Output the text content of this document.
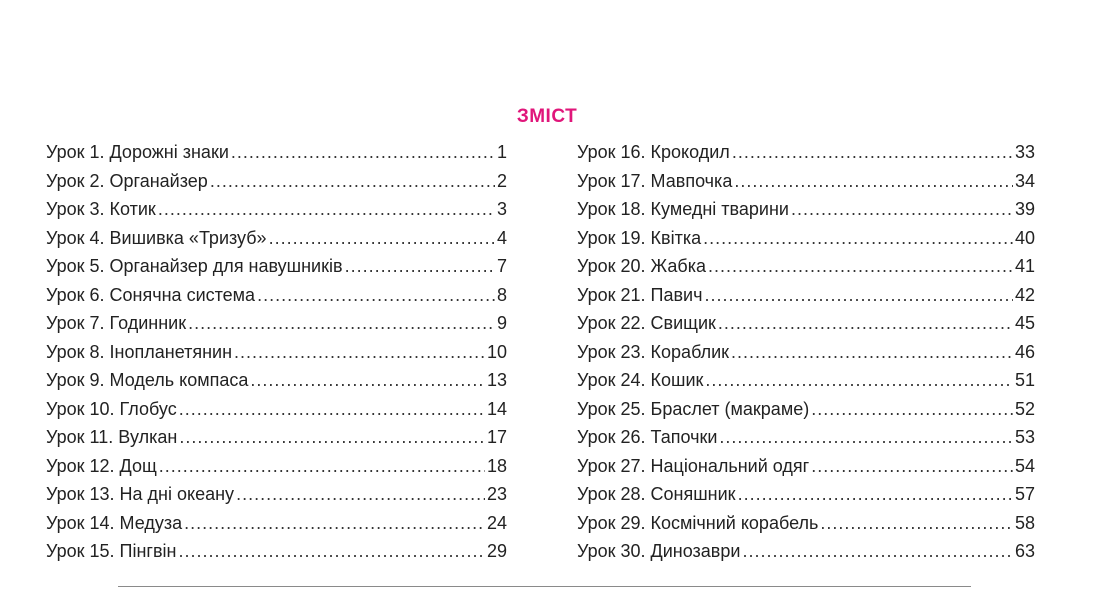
ЗМІСТ
Урок 1. Дорожні знаки .....	1
Урок 2. Органайзер .....	2
Урок 3. Котик .....	3
Урок 4. Вишивка «Тризуб» .....	4
Урок 5. Органайзер для навушників .....	7
Урок 6. Сонячна система .....	8
Урок 7. Годинник .....	9
Урок 8. Інопланетянин .....	10
Урок 9. Модель компаса .....	13
Урок 10. Глобус .....	14
Урок 11. Вулкан .....	17
Урок 12. Дощ .....	18
Урок 13. На дні океану .....	23
Урок 14. Медуза .....	24
Урок 15. Пінгвін .....	29
Урок 16. Крокодил .....	33
Урок 17. Мавпочка .....	34
Урок 18. Кумедні тварини .....	39
Урок 19. Квітка .....	40
Урок 20. Жабка .....	41
Урок 21. Павич .....	42
Урок 22. Свищик .....	45
Урок 23. Кораблик .....	46
Урок 24. Кошик .....	51
Урок 25. Браслет (макраме) .....	52
Урок 26. Тапочки .....	53
Урок 27. Національний одяг .....	54
Урок 28. Соняшник .....	57
Урок 29. Космічний корабель .....	58
Урок 30. Динозаври .....	63
